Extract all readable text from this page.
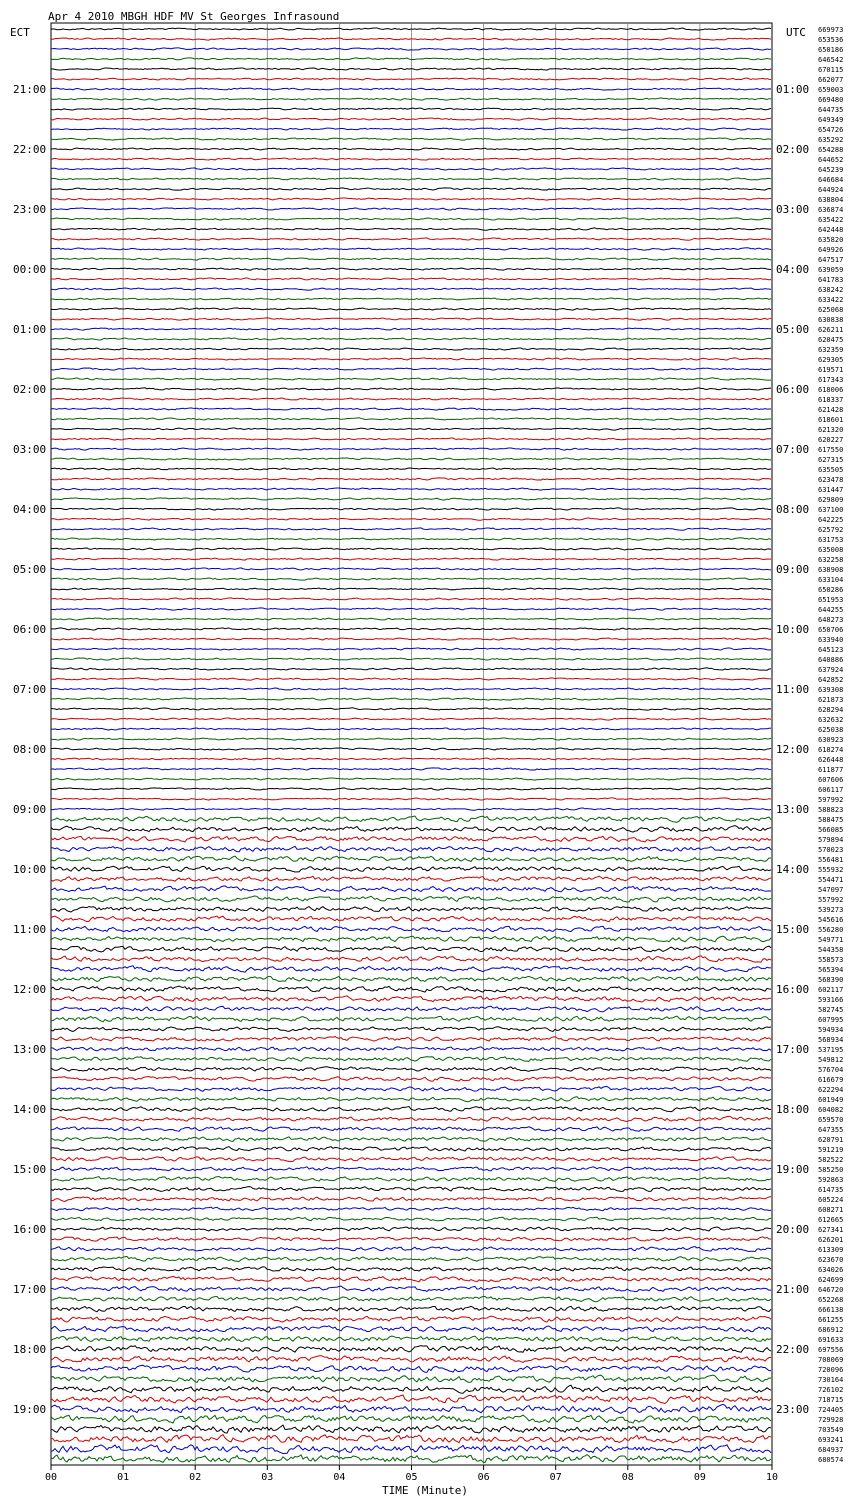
669973
653536
650186
646542
670115
662077
659003
669480
644735
649349
654726
635292
654288
644652
645239
646684
644924
638804
636874
635422
642448
635820
649926
647517
639059
641783
638242
633422
625068
630838
626211
620475
632359
629305
619571
617343
618006
618337
621428
618601
621320
620227
617550
627315
635505
623478
631447
629809
637100
642225
625792
631753
635008
632258
638908
633104
650286
651953
644255
648273
650706
633940
645123
640886
637924
642852
639308
621873
628294
632632
625038
630923
618274
626448
611877
607606
606117
597992
588823
588475
566085
579894
570023
556481
555932
554471
547097
557992
539273
545616
556280
549771
544358
558573
565394
568390
602117
593166
582745
607995
594934
568934
537195
549812
576704
616679
622294
601949
604082
659570
647355
620791
591219
582522
585250
592863
614735
605224
608271
612665
627341
626201
613309
623670
634026
624699
646720
652268
666138
661255
686912
691633
697556
708069
720096
730164
726102
718715
724405
729928
703549
693241
684937
680574
21:00
22:00
23:00
00:00
01:00
02:00
03:00
04:00
05:00
06:00
07:00
08:00
09:00
10:00
11:00
12:00
13:00
14:00
15:00
16:00
17:00
18:00
19:00
01:00
02:00
03:00
04:00
05:00
06:00
07:00
08:00
09:00
10:00
11:00
12:00
13:00
14:00
15:00
16:00
17:00
18:00
19:00
20:00
21:00
22:00
23:00
00	01	02	03	04	05	06	07	08	09	10
Apr 4 2010 MBGH HDF MV St Georges Infrasound
ECT	UTC
TIME (Minute)
